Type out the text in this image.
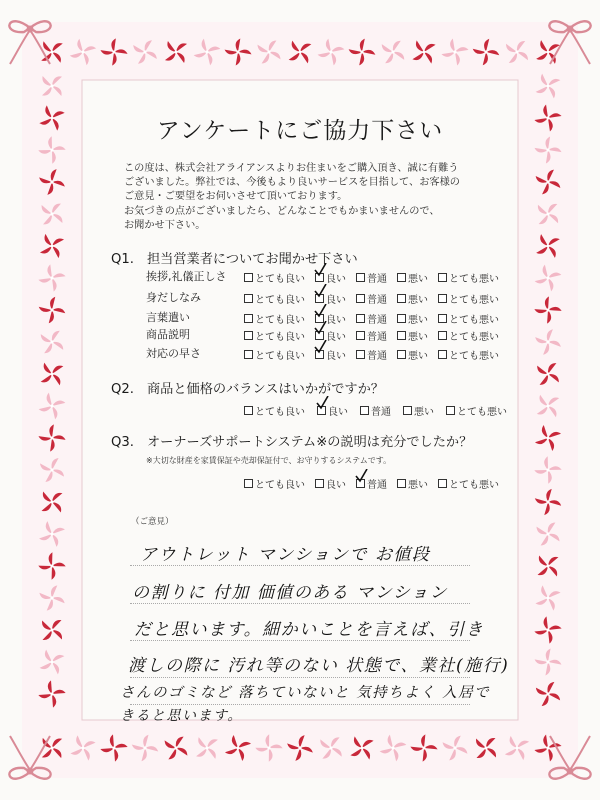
アンケートにご協力下さい
この度は、株式会社アライアンスよりお住まいをご購入頂き、誠に有難う
ございました。弊社では、今後もより良いサービスを目指して、お客様の
ご意見・ご要望をお伺いさせて頂いております。
お気づきの点がございましたら、どんなことでもかまいませんので、
お聞かせ下さい。
Q1. 担当営業者についてお聞かせ下さい
挨拶,礼儀正しさ	とても良い 良い 普通 悪い とても悪い
身だしなみ	とても良い 良い 普通 悪い とても悪い
言葉遣い	とても良い 良い 普通 悪い とても悪い
商品説明	とても良い 良い 普通 悪い とても悪い
対応の早さ	とても良い 良い 普通 悪い とても悪い
Q2. 商品と価格のバランスはいかがですか？
とても良い 良い 普通 悪い とても悪い
Q3. オーナーズサポートシステム※の説明は充分でしたか？
※大切な財産を家賃保証や売却保証付で、お守りするシステムです。
とても良い 良い 普通 悪い とても悪い
（ご意見）
アウトレット マンションで お値段
の割りに 付加 価値のある マンション
だと思います。細かいことを言えば、引き
渡しの際に 汚れ等のない 状態で、業社(施行)
さんのゴミなど 落ちていないと 気持ちよく 入居で
きると思います。
